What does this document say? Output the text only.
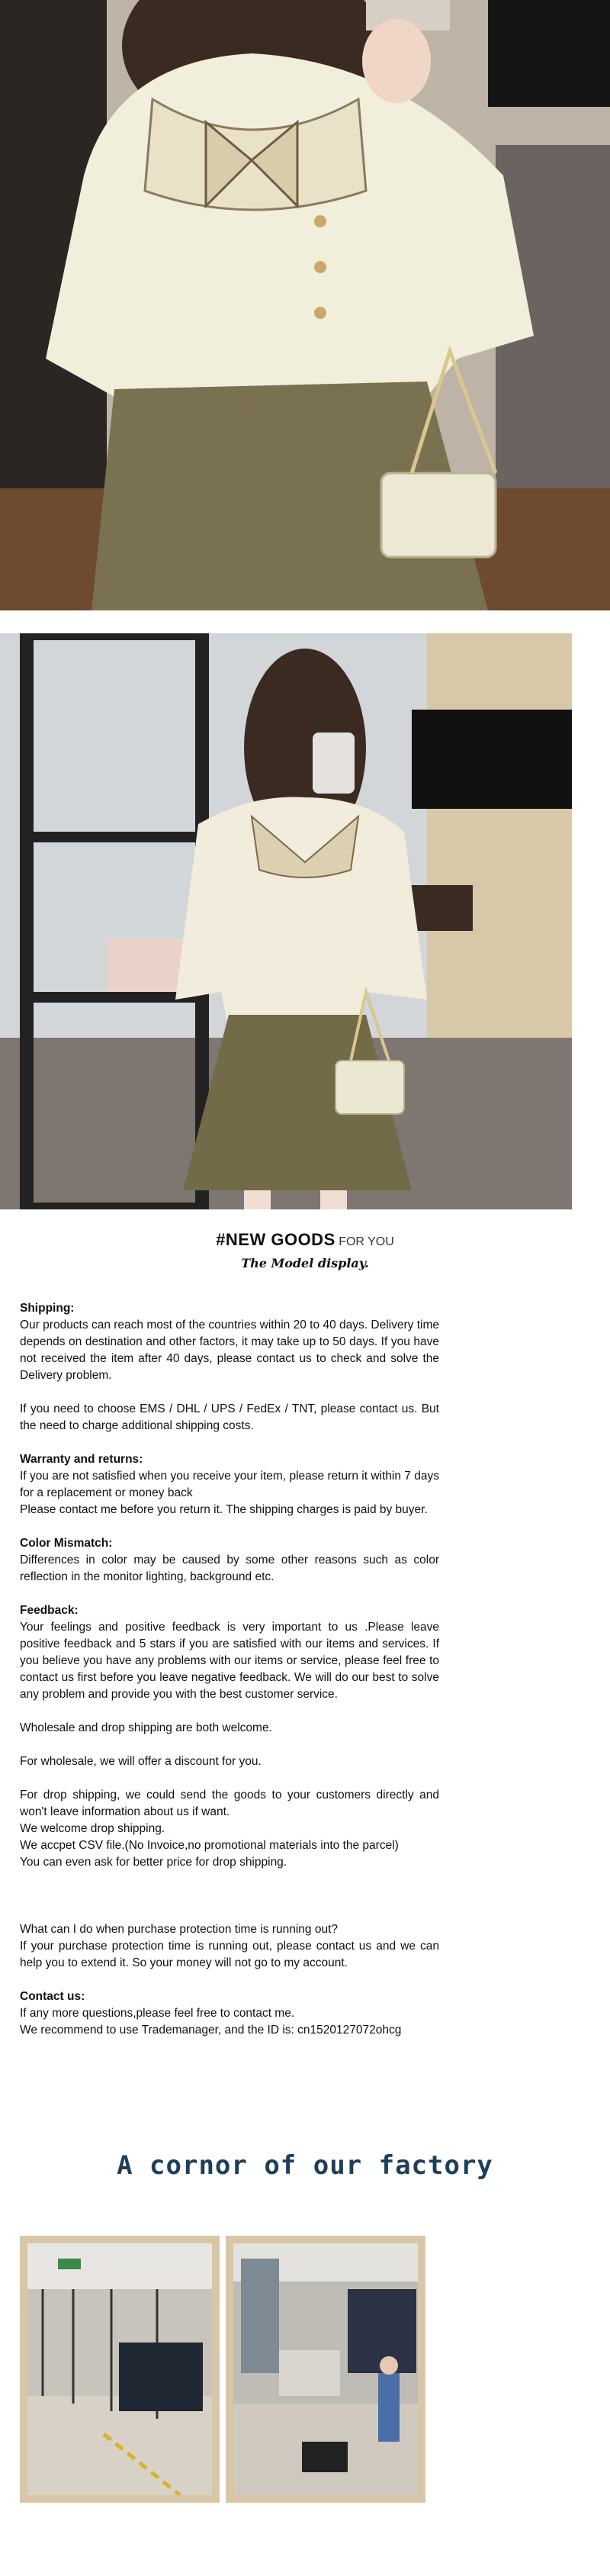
#NEW GOODS FOR YOU
The Model display.

Shipping:

Our products can reach most of the countries within 20 to 40 days. Delivery time depends on destination and other factors, it may take up to 50 days. If you have not received the item after 40 days, please contact us to check and solve the Delivery problem.

If you need to choose EMS / DHL / UPS / FedEx / TNT, please contact us. But the need to charge additional shipping costs.

Warranty and returns:

If you are not satisfied when you receive your item, please return it within 7 days for a replacement or money back

Please contact me before you return it. The shipping charges is paid by buyer.

Color Mismatch:

Differences in color may be caused by some other reasons such as color reflection in the monitor lighting, background etc.

Feedback:

Your feelings and positive feedback is very important to us .Please leave positive feedback and 5 stars if you are satisfied with our items and services. If you believe you have any problems with our items or service, please feel free to contact us first before you leave negative feedback. We will do our best to solve any problem and provide you with the best customer service.

Wholesale and drop shipping are both welcome.

For wholesale, we will offer a discount for you.

For drop shipping, we could send the goods to your customers directly and won't leave information about us if want.

We welcome drop shipping.

We accpet CSV file.(No Invoice,no promotional materials into the parcel)

You can even ask for better price for drop shipping.

What can I do when purchase protection time is running out?

If your purchase protection time is running out, please contact us and we can help you to extend it. So your money will not go to my account.

Contact us:

If any more questions,please feel free to contact me.

We recommend to use Trademanager, and the ID is: cn1520127072ohcg

A cornor of our factory
